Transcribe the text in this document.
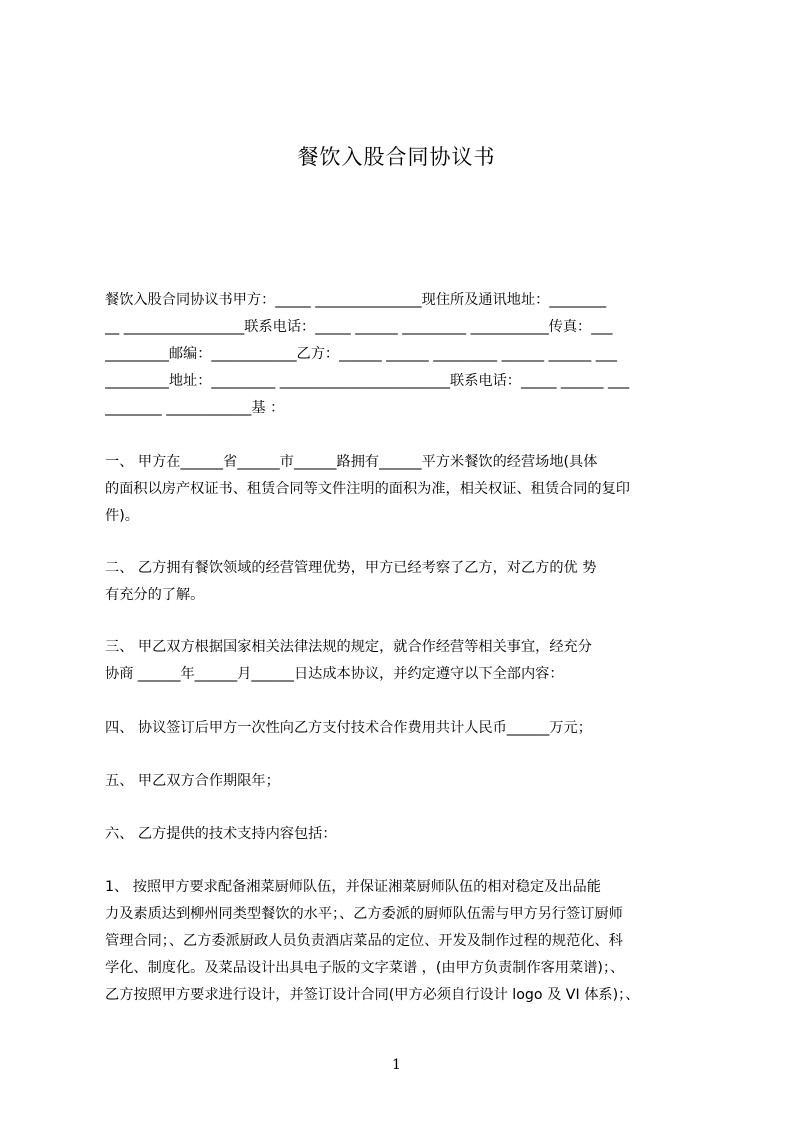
餐饮入股合同协议书
餐饮入股合同协议书甲方：_____ _______________现住所及通讯地址：________
__ _________________联系电话：_____ ______ _________ ___________传真：___
_________邮编：____________乙方：______ ______ _________ ______ ______ ___
_________地址：_________ ________________________联系电话：_____ ______ ___
________ ____________基 ：
一、 甲方在______省______市______路拥有______平方米餐饮的经营场地(具体
的面积以房产权证书、租赁合同等文件注明的面积为准，相关权证、租赁合同的复印
件)。
二、 乙方拥有餐饮领域的经营管理优势，甲方已经考察了乙方，对乙方的优 势
有充分的了解。
三、 甲乙双方根据国家相关法律法规的规定，就合作经营等相关事宜，经充分
协商 ______年______月______日达成本协议，并约定遵守以下全部内容：
四、 协议签订后甲方一次性向乙方支付技术合作费用共计人民币______万元；
五、 甲乙双方合作期限年；
六、 乙方提供的技术支持内容包括：
1、 按照甲方要求配备湘菜厨师队伍，并保证湘菜厨师队伍的相对稳定及出品能
力及素质达到柳州同类型餐饮的水平；、乙方委派的厨师队伍需与甲方另行签订厨师
管理合同；、乙方委派厨政人员负责酒店菜品的定位、开发及制作过程的规范化、科
学化、制度化。及菜品设计出具电子版的文字菜谱 ，(由甲方负责制作客用菜谱)；、
乙方按照甲方要求进行设计，并签订设计合同(甲方必须自行设计 logo 及 VI 体系)；、
1
